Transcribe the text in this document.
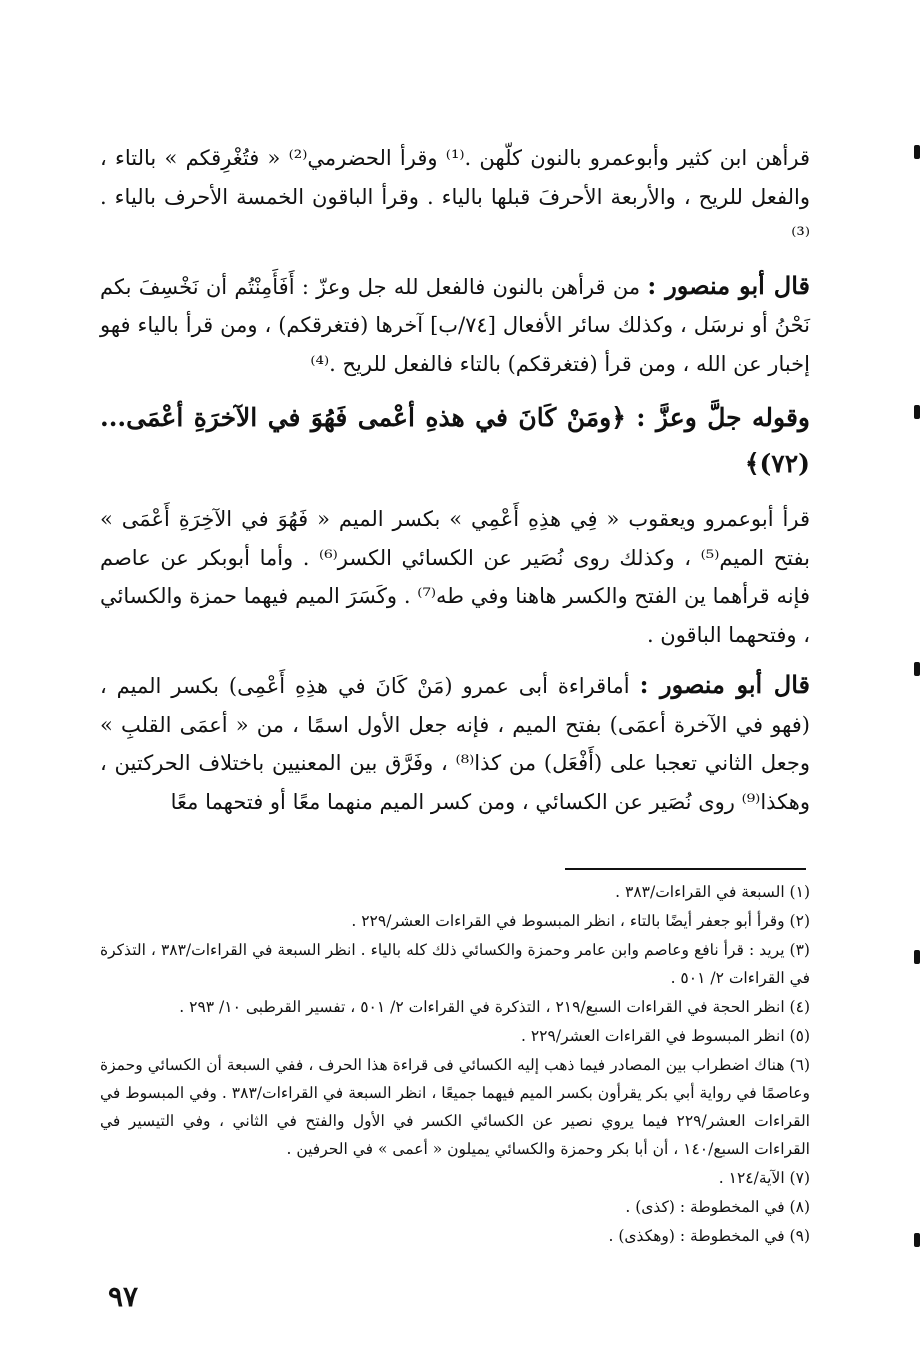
قرأهن ابن كثير وأبوعمرو بالنون كلّهن .⁽¹⁾ وقرأ الحضرمي⁽²⁾ « فتُغْرِقكم » بالتاء ، والفعل للريح ، والأربعة الأحرفَ قبلها بالياء . وقرأ الباقون الخمسة الأحرف بالياء .⁽³⁾

قال أبو منصور : من قرأهن بالنون فالفعل لله جل وعزّ : أَفَأَمِنْتُم أن نَخْسِفَ بكم نَحْنُ أو نرسَل ، وكذلك سائر الأفعال [٧٤/ب] آخرها (فتغرقكم) ، ومن قرأ بالياء فهو إخبار عن الله ، ومن قرأ (فتغرقكم) بالتاء فالفعل للريح .⁽⁴⁾

وقوله جلَّ وعزَّ : ﴿ومَنْ كَانَ في هذهِ أعْمى فَهُوَ في الآخرَةِ أعْمَى...(٧٢)﴾

قرأ أبوعمرو ويعقوب « فِي هذِهِ أَعْمِي » بكسر الميم « فَهُوَ في الآخِرَةِ أَعْمَى » بفتح الميم⁽⁵⁾ ، وكذلك روى نُصَير عن الكسائي الكسر⁽⁶⁾ . وأما أبوبكر عن عاصم فإنه قرأهما ين الفتح والكسر هاهنا وفي طه⁽⁷⁾ . وكَسَرَ الميم فيهما حمزة والكسائي ، وفتحهما الباقون .

قال أبو منصور : أماقراءة أبى عمرو (مَنْ كَانَ في هذِهِ أَعْمِى) بكسر الميم ، (فهو في الآخرة أعمَى) بفتح الميم ، فإنه جعل الأول اسمًا ، من « أعمَى القلبِ » وجعل الثاني تعجبا على (أَفْعَل) من كذا⁽⁸⁾ ، وفَرَّق بين المعنيين باختلاف الحركتين ، وهكذا⁽⁹⁾ روى نُصَير عن الكسائي ، ومن كسر الميم منهما معًا أو فتحهما معًا

(١) السبعة في القراءات/٣٨٣ .

(٢) وقرأ أبو جعفر أيضًا بالتاء ، انظر المبسوط في القراءات العشر/٢٢٩ .

(٣) يريد : قرأ نافع وعاصم وابن عامر وحمزة والكسائي ذلك كله بالياء . انظر السبعة في القراءات/٣٨٣ ، التذكرة في القراءات ٢/ ٥٠١ .

(٤) انظر الحجة في القراءات السبع/٢١٩ ، التذكرة في القراءات ٢/ ٥٠١ ، تفسير القرطبى ١٠/ ٢٩٣ .

(٥) انظر المبسوط في القراءات العشر/٢٢٩ .

(٦) هناك اضطراب بين المصادر فيما ذهب إليه الكسائي فى قراءة هذا الحرف ، ففي السبعة أن الكسائي وحمزة وعاصمًا في رواية أبي بكر يقرأون بكسر الميم فيهما جميعًا ، انظر السبعة في القراءات/٣٨٣ . وفي المبسوط في القراءات العشر/٢٢٩ فيما يروي نصير عن الكسائي الكسر في الأول والفتح في الثاني ، وفي التيسير في القراءات السبع/١٤٠ ، أن أبا بكر وحمزة والكسائي يميلون « أعمى » في الحرفين .

(٧) الآية/١٢٤ .

(٨) في المخطوطة : (كذى) .

(٩) في المخطوطة : (وهكذى) .

٩٧
